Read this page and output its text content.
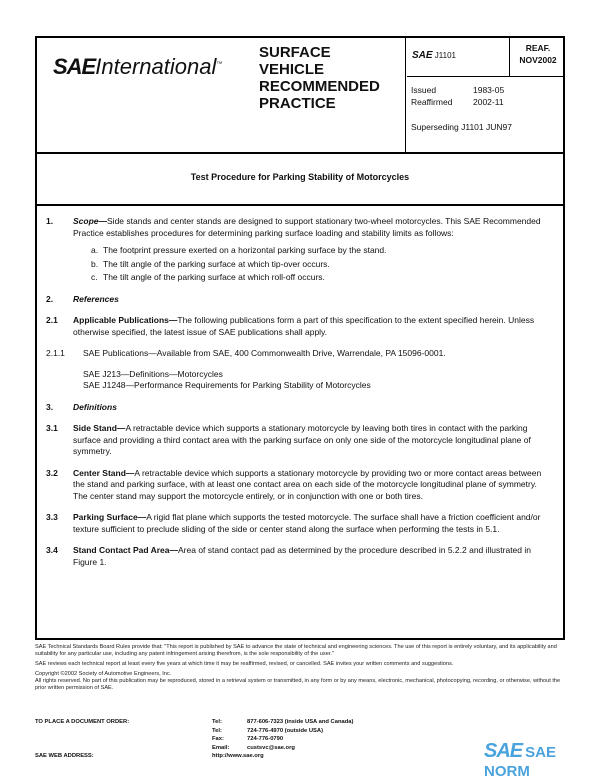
SAEInternational™
SURFACE
VEHICLE
RECOMMENDED
PRACTICE
SAE J1101
REAF.
NOV2002
Issued	1983-05
Reaffirmed 2002-11
Superseding J1101 JUN97
Test Procedure for Parking Stability of Motorcycles
1. Scope—Side stands and center stands are designed to support stationary two-wheel motorcycles. This SAE Recommended Practice establishes procedures for determining parking surface loading and stability limits as follows:
a. The footprint pressure exerted on a horizontal parking surface by the stand.
b. The tilt angle of the parking surface at which tip-over occurs.
c. The tilt angle of the parking surface at which roll-off occurs.
2. References
2.1 Applicable Publications—The following publications form a part of this specification to the extent specified herein. Unless otherwise specified, the latest issue of SAE publications shall apply.
2.1.1 SAE Publications—Available from SAE, 400 Commonwealth Drive, Warrendale, PA 15096-0001.
SAE J213—Definitions—Motorcycles
SAE J1248—Performance Requirements for Parking Stability of Motorcycles
3. Definitions
3.1 Side Stand—A retractable device which supports a stationary motorcycle by leaving both tires in contact with the parking surface and providing a third contact area with the parking surface on only one side of the motorcycle longitudinal plane of symmetry.
3.2 Center Stand—A retractable device which supports a stationary motorcycle by providing two or more contact areas between the stand and parking surface, with at least one contact area on each side of the motorcycle longitudinal plane of symmetry. The center stand may support the motorcycle entirely, or in conjunction with one or both tires.
3.3 Parking Surface—A rigid flat plane which supports the tested motorcycle. The surface shall have a friction coefficient and/or texture sufficient to preclude sliding of the side or center stand along the surface when performing the tests in 5.1.
3.4 Stand Contact Pad Area—Area of stand contact pad as determined by the procedure described in 5.2.2 and illustrated in Figure 1.

SAE Technical Standards Board Rules provide that: "This report is published by SAE to advance the state of technical and engineering sciences. The use of this report is entirely voluntary, and its applicability and suitability for any particular use, including any patent infringement arising therefrom, is the sole responsibility of the user."

SAE reviews each technical report at least every five years at which time it may be reaffirmed, revised, or cancelled. SAE invites your written comments and suggestions.

Copyright ©2002 Society of Automotive Engineers, Inc.

All rights reserved. No part of this publication may be reproduced, stored in a retrieval system or transmitted, in any form or by any means, electronic, mechanical, photocopying, recording, or otherwise, without the prior written permission of SAE.

TO PLACE A DOCUMENT ORDER:
SAE WEB ADDRESS:
Tel:	877-606-7323 (inside USA and Canada)
Tel:	724-776-4970 (outside USA)
Fax:	724-776-0790
Email:	custsvc@sae.org
http://www.sae.org	SAE SAE NORM
